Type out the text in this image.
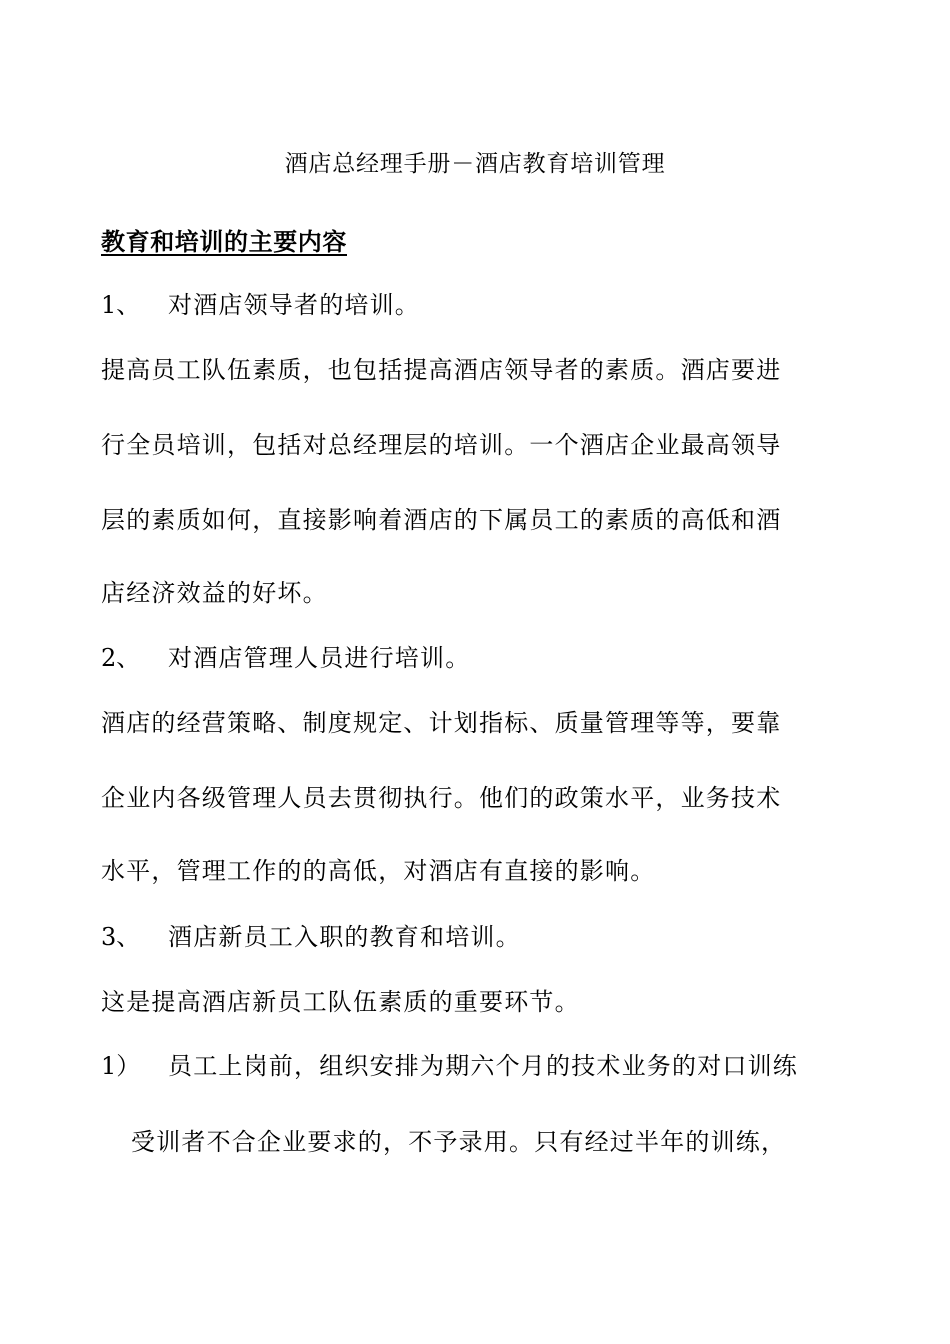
酒店总经理手册－酒店教育培训管理
教育和培训的主要内容
1、	对酒店领导者的培训。
提高员工队伍素质，也包括提高酒店领导者的素质。酒店要进
行全员培训，包括对总经理层的培训。一个酒店企业最高领导
层的素质如何，直接影响着酒店的下属员工的素质的高低和酒
店经济效益的好坏。
2、	对酒店管理人员进行培训。
酒店的经营策略、制度规定、计划指标、质量管理等等，要靠
企业内各级管理人员去贯彻执行。他们的政策水平，业务技术
水平，管理工作的的高低，对酒店有直接的影响。
3、	酒店新员工入职的教育和培训。
这是提高酒店新员工队伍素质的重要环节。
1）	员工上岗前，组织安排为期六个月的技术业务的对口训练
受训者不合企业要求的，不予录用。只有经过半年的训练，
